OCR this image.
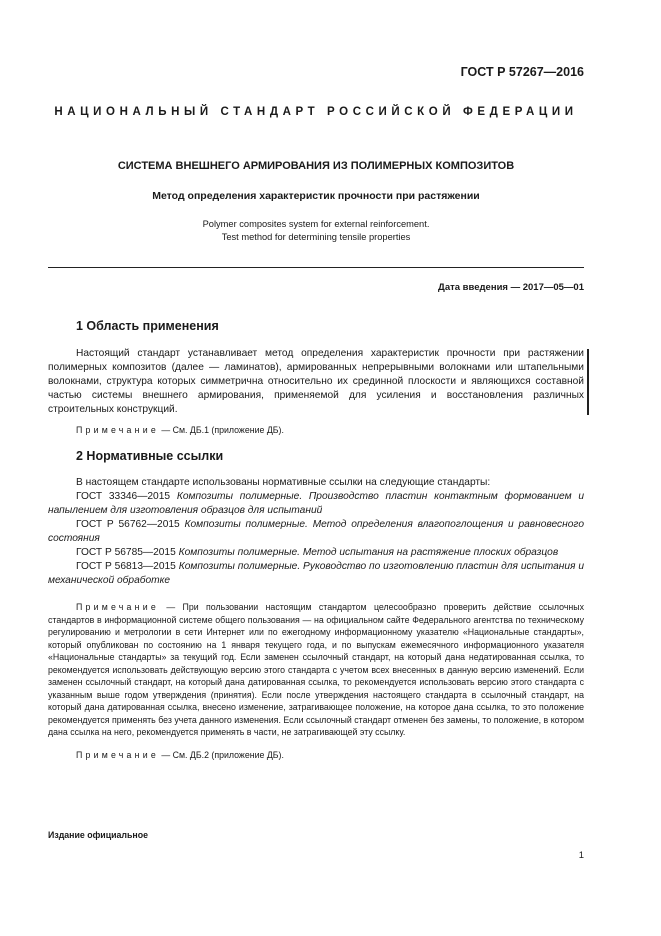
ГОСТ Р 57267—2016
НАЦИОНАЛЬНЫЙ СТАНДАРТ РОССИЙСКОЙ ФЕДЕРАЦИИ
СИСТЕМА ВНЕШНЕГО АРМИРОВАНИЯ ИЗ ПОЛИМЕРНЫХ КОМПОЗИТОВ
Метод определения характеристик прочности при растяжении
Polymer composites system for external reinforcement.
Test method for determining tensile properties
Дата введения — 2017—05—01
1 Область применения

Настоящий стандарт устанавливает метод определения характеристик прочности при растяжении полимерных композитов (далее — ламинатов), армированных непрерывными волокнами или штапельными волокнами, структура которых симметрична относительно их срединной плоскости и являющихся составной частью системы внешнего армирования, применяемой для усиления и восстановления различных строительных конструкций.

Примечание — См. ДБ.1 (приложение ДБ).

2 Нормативные ссылки

В настоящем стандарте использованы нормативные ссылки на следующие стандарты:

ГОСТ 33346—2015 Композиты полимерные. Производство пластин контактным формованием и напылением для изготовления образцов для испытаний

ГОСТ Р 56762—2015 Композиты полимерные. Метод определения влагопоглощения и равновесного состояния

ГОСТ Р 56785—2015 Композиты полимерные. Метод испытания на растяжение плоских образцов

ГОСТ Р 56813—2015 Композиты полимерные. Руководство по изготовлению пластин для испытания и механической обработке

Примечание — При пользовании настоящим стандартом целесообразно проверить действие ссылочных стандартов в информационной системе общего пользования — на официальном сайте Федерального агентства по техническому регулированию и метрологии в сети Интернет или по ежегодному информационному указателю «Национальные стандарты», который опубликован по состоянию на 1 января текущего года, и по выпускам ежемесячного информационного указателя «Национальные стандарты» за текущий год. Если заменен ссылочный стандарт, на который дана недатированная ссылка, то рекомендуется использовать действующую версию этого стандарта с учетом всех внесенных в данную версию изменений. Если заменен ссылочный стандарт, на который дана датированная ссылка, то рекомендуется использовать версию этого стандарта с указанным выше годом утверждения (принятия). Если после утверждения настоящего стандарта в ссылочный стандарт, на который дана датированная ссылка, внесено изменение, затрагивающее положение, на которое дана ссылка, то это положение рекомендуется применять без учета данного изменения. Если ссылочный стандарт отменен без замены, то положение, в котором дана ссылка на него, рекомендуется применять в части, не затрагивающей эту ссылку.

Примечание — См. ДБ.2 (приложение ДБ).

Издание официальное
1
